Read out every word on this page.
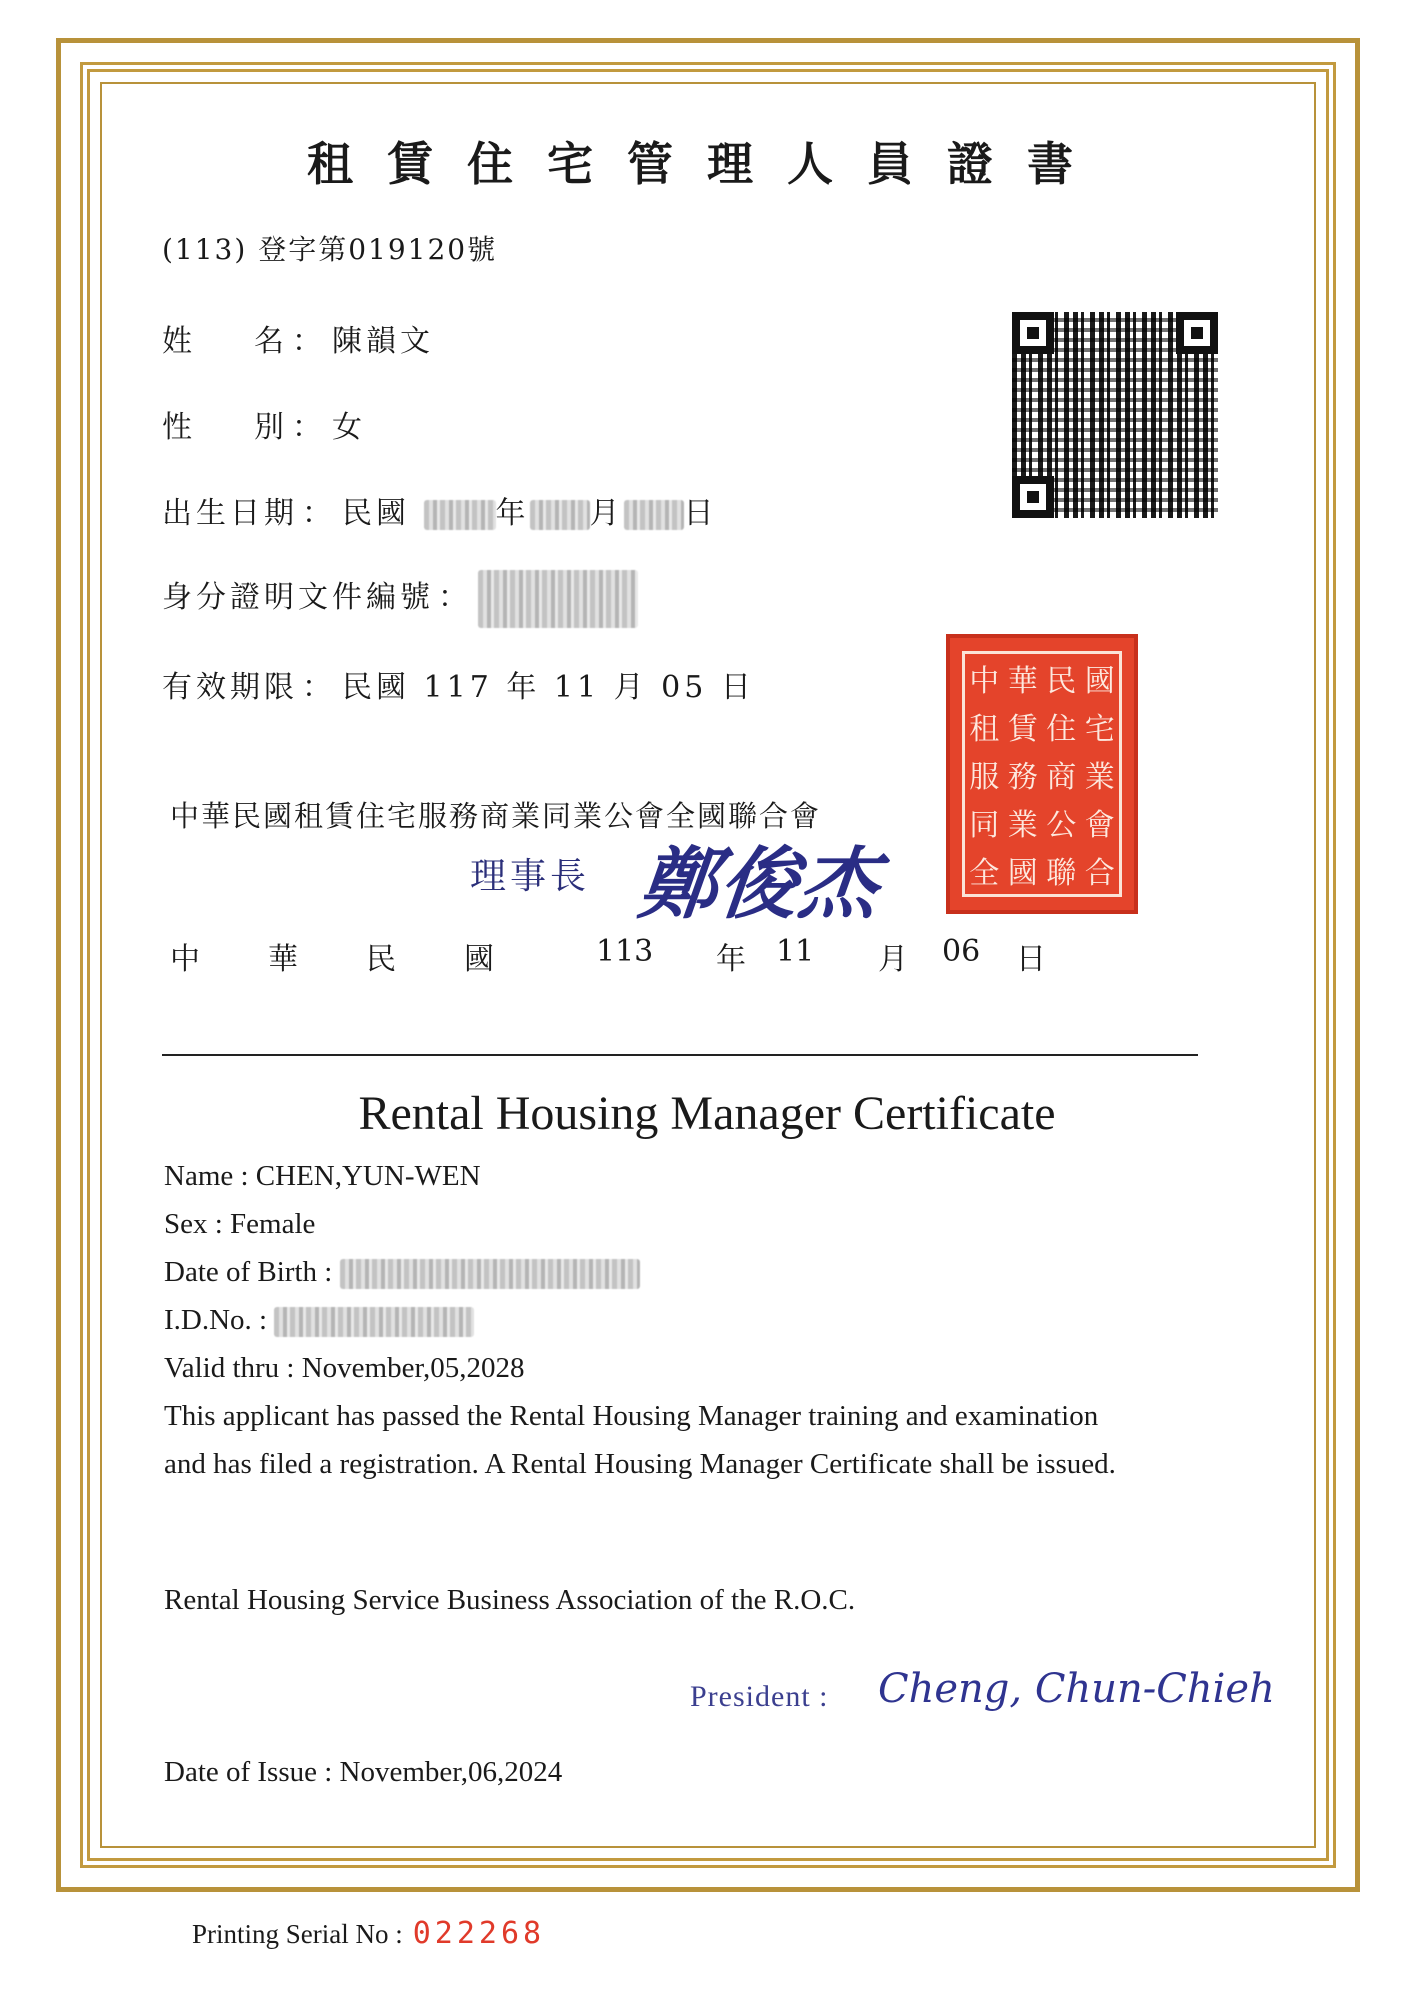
租賃住宅管理人員證書
(113) 登字第019120號
姓名 ： 陳韻文
性別 ： 女
出生日期 ： 民國	年 月 日
身分證明文件編號 ：
有效期限 ： 民國 117 年 11 月 05 日	中 華 民 國
租 賃 住 宅
服 務 商 業
同 業 公 會
全 國 聯 合
中華民國租賃住宅服務商業同業公會全國聯合會
理事長 鄭俊杰
中 華 民 國	113 年 11 月 06 日
Rental Housing Manager Certificate
Name : CHEN,YUN-WEN
Sex : Female
Date of Birth :
I.D.No. :
Valid thru : November,05,2028
This applicant has passed the Rental Housing Manager training and examination
and has filed a registration. A Rental Housing Manager Certificate shall be issued.
Rental Housing Service Business Association of the R.O.C.
President : Cheng, Chun-Chieh
Date of Issue : November,06,2024
Printing Serial No : 022268
